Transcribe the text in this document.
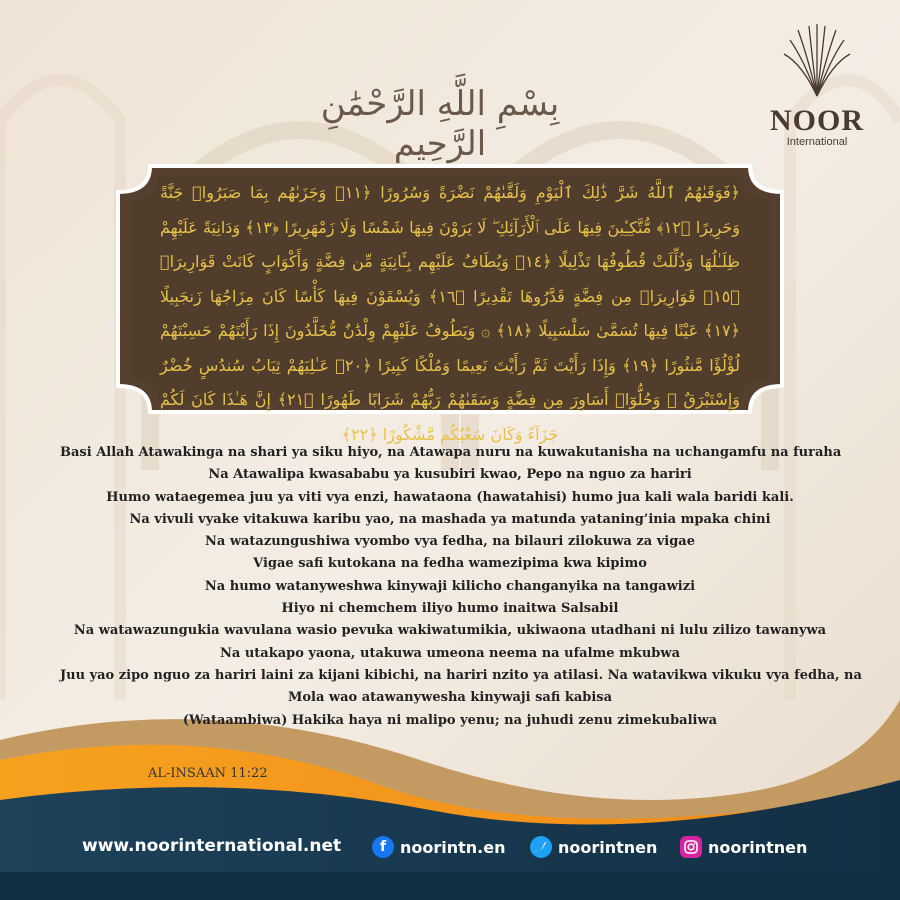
بِسْمِ اللَّهِ الرَّحْمَٰنِ الرَّحِيمِ
NOOR
International
﴿فَوَقَىٰهُمُ ٱللَّهُ شَرَّ ذَٰلِكَ ٱلْيَوْمِ وَلَقَّىٰهُمْ نَضْرَةً وَسُرُورًا ﴿١١﴾ وَجَزَىٰهُم بِمَا صَبَرُوا۟ جَنَّةً وَحَرِيرًا ﴿١٢﴾ مُّتَّكِـِٔينَ فِيهَا عَلَى ٱلْأَرَآئِكِ ۖ لَا يَرَوْنَ فِيهَا شَمْسًا وَلَا زَمْهَرِيرًا ﴿١٣﴾ وَدَانِيَةً عَلَيْهِمْ ظِلَـٰلُهَا وَذُلِّلَتْ قُطُوفُهَا تَذْلِيلًا ﴿١٤﴾ وَيُطَافُ عَلَيْهِم بِـَٔانِيَةٍ مِّن فِضَّةٍ وَأَكْوَابٍ كَانَتْ قَوَارِيرَا۠ ﴿١٥﴾ قَوَارِيرَا۟ مِن فِضَّةٍ قَدَّرُوهَا تَقْدِيرًا ﴿١٦﴾ وَيُسْقَوْنَ فِيهَا كَأْسًا كَانَ مِزَاجُهَا زَنجَبِيلًا ﴿١٧﴾ عَيْنًا فِيهَا تُسَمَّىٰ سَلْسَبِيلًا ﴿١٨﴾ ۞ وَيَطُوفُ عَلَيْهِمْ وِلْدَٰنٌ مُّخَلَّدُونَ إِذَا رَأَيْتَهُمْ حَسِبْتَهُمْ لُؤْلُؤًا مَّنثُورًا ﴿١٩﴾ وَإِذَا رَأَيْتَ ثَمَّ رَأَيْتَ نَعِيمًا وَمُلْكًا كَبِيرًا ﴿٢٠﴾ عَـٰلِيَهُمْ ثِيَابُ سُندُسٍ خُضْرٌ وَإِسْتَبْرَقٌ ۖ وَحُلُّوٓا۟ أَسَاوِرَ مِن فِضَّةٍ وَسَقَىٰهُمْ رَبُّهُمْ شَرَابًا طَهُورًا ﴿٢١﴾ إِنَّ هَـٰذَا كَانَ لَكُمْ جَزَآءً وَكَانَ سَعْيُكُم مَّشْكُورًا ﴿٢٢﴾
Basi Allah Atawakinga na shari ya siku hiyo, na Atawapa nuru na kuwakutanisha na uchangamfu na furaha
Na Atawalipa kwasababu ya kusubiri kwao, Pepo na nguo za hariri
Humo wataegemea juu ya viti vya enzi, hawataona (hawatahisi) humo jua kali wala baridi kali.
Na vivuli vyake vitakuwa karibu yao, na mashada ya matunda yataning’inia mpaka chini
Na watazungushiwa vyombo vya fedha, na bilauri zilokuwa za vigae
Vigae safi kutokana na fedha wamezipima kwa kipimo
Na humo watanyweshwa kinywaji kilicho changanyika na tangawizi
Hiyo ni chemchem iliyo humo inaitwa Salsabil
Na watawazungukia wavulana wasio pevuka wakiwatumikia, ukiwaona utadhani ni lulu zilizo tawanywa
Na utakapo yaona, utakuwa umeona neema na ufalme mkubwa
Juu yao zipo nguo za hariri laini za kijani kibichi, na hariri nzito ya atilasi. Na watavikwa vikuku vya fedha, na
Mola wao atawanywesha kinywaji safi kabisa
(Wataambiwa) Hakika haya ni malipo yenu; na juhudi zenu zimekubaliwa
AL-INSAAN 11:22
www.noorinternational.net	f noorintn.en	noorintnen	noorintnen
